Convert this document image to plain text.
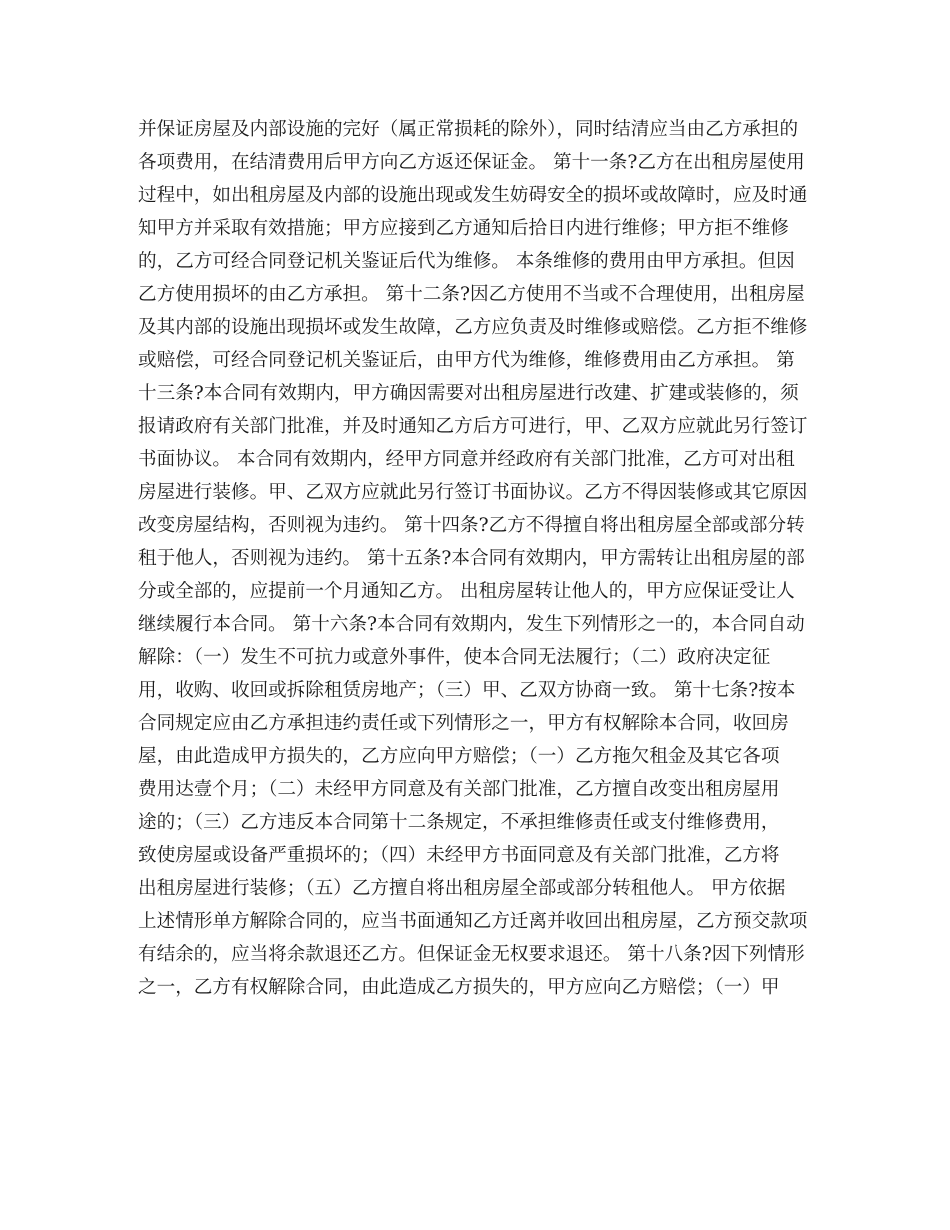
并保证房屋及内部设施的完好（属正常损耗的除外），同时结清应当由乙方承担的
各项费用，在结清费用后甲方向乙方返还保证金。 第十一条?乙方在出租房屋使用
过程中，如出租房屋及内部的设施出现或发生妨碍安全的损坏或故障时，应及时通
知甲方并采取有效措施；甲方应接到乙方通知后拾日内进行维修；甲方拒不维修
的，乙方可经合同登记机关鉴证后代为维修。 本条维修的费用由甲方承担。但因
乙方使用损坏的由乙方承担。 第十二条?因乙方使用不当或不合理使用，出租房屋
及其内部的设施出现损坏或发生故障，乙方应负责及时维修或赔偿。乙方拒不维修
或赔偿，可经合同登记机关鉴证后，由甲方代为维修，维修费用由乙方承担。 第
十三条?本合同有效期内，甲方确因需要对出租房屋进行改建、扩建或装修的，须
报请政府有关部门批准，并及时通知乙方后方可进行，甲、乙双方应就此另行签订
书面协议。 本合同有效期内，经甲方同意并经政府有关部门批准，乙方可对出租
房屋进行装修。甲、乙双方应就此另行签订书面协议。乙方不得因装修或其它原因
改变房屋结构，否则视为违约。 第十四条?乙方不得擅自将出租房屋全部或部分转
租于他人，否则视为违约。 第十五条?本合同有效期内，甲方需转让出租房屋的部
分或全部的，应提前一个月通知乙方。 出租房屋转让他人的，甲方应保证受让人
继续履行本合同。 第十六条?本合同有效期内，发生下列情形之一的，本合同自动
解除：（一）发生不可抗力或意外事件，使本合同无法履行；（二）政府决定征
用，收购、收回或拆除租赁房地产；（三）甲、乙双方协商一致。 第十七条?按本
合同规定应由乙方承担违约责任或下列情形之一，甲方有权解除本合同，收回房
屋，由此造成甲方损失的，乙方应向甲方赔偿；（一）乙方拖欠租金及其它各项
费用达壹个月；（二）未经甲方同意及有关部门批准，乙方擅自改变出租房屋用
途的；（三）乙方违反本合同第十二条规定，不承担维修责任或支付维修费用，
致使房屋或设备严重损坏的；（四）未经甲方书面同意及有关部门批准，乙方将
出租房屋进行装修；（五）乙方擅自将出租房屋全部或部分转租他人。 甲方依据
上述情形单方解除合同的，应当书面通知乙方迁离并收回出租房屋，乙方预交款项
有结余的，应当将余款退还乙方。但保证金无权要求退还。 第十八条?因下列情形
之一，乙方有权解除合同，由此造成乙方损失的，甲方应向乙方赔偿；（一）甲
